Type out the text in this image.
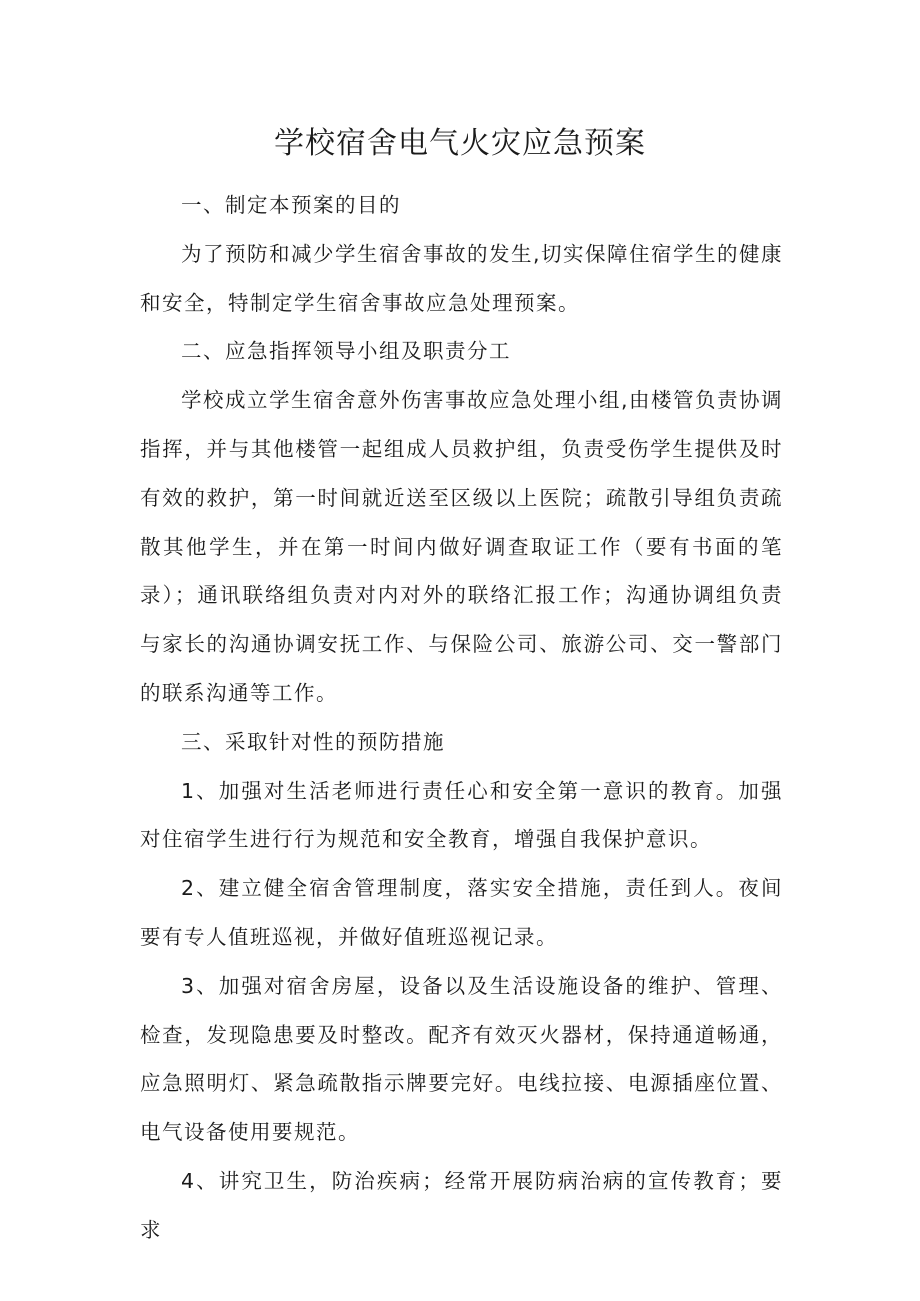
学校宿舍电气火灾应急预案

一、制定本预案的目的

为了预防和减少学生宿舍事故的发生,切实保障住宿学生的健康和安全，特制定学生宿舍事故应急处理预案。

二、应急指挥领导小组及职责分工

学校成立学生宿舍意外伤害事故应急处理小组,由楼管负责协调指挥，并与其他楼管一起组成人员救护组，负责受伤学生提供及时有效的救护，第一时间就近送至区级以上医院；疏散引导组负责疏散其他学生，并在第一时间内做好调查取证工作（要有书面的笔录）；通讯联络组负责对内对外的联络汇报工作；沟通协调组负责与家长的沟通协调安抚工作、与保险公司、旅游公司、交一警部门的联系沟通等工作。

三、采取针对性的预防措施

1、加强对生活老师进行责任心和安全第一意识的教育。加强对住宿学生进行行为规范和安全教育，增强自我保护意识。

2、建立健全宿舍管理制度，落实安全措施，责任到人。夜间要有专人值班巡视，并做好值班巡视记录。

3、加强对宿舍房屋，设备以及生活设施设备的维护、管理、检查，发现隐患要及时整改。配齐有效灭火器材，保持通道畅通，应急照明灯、紧急疏散指示牌要完好。电线拉接、电源插座位置、电气设备使用要规范。

4、讲究卫生，防治疾病；经常开展防病治病的宣传教育；要求
